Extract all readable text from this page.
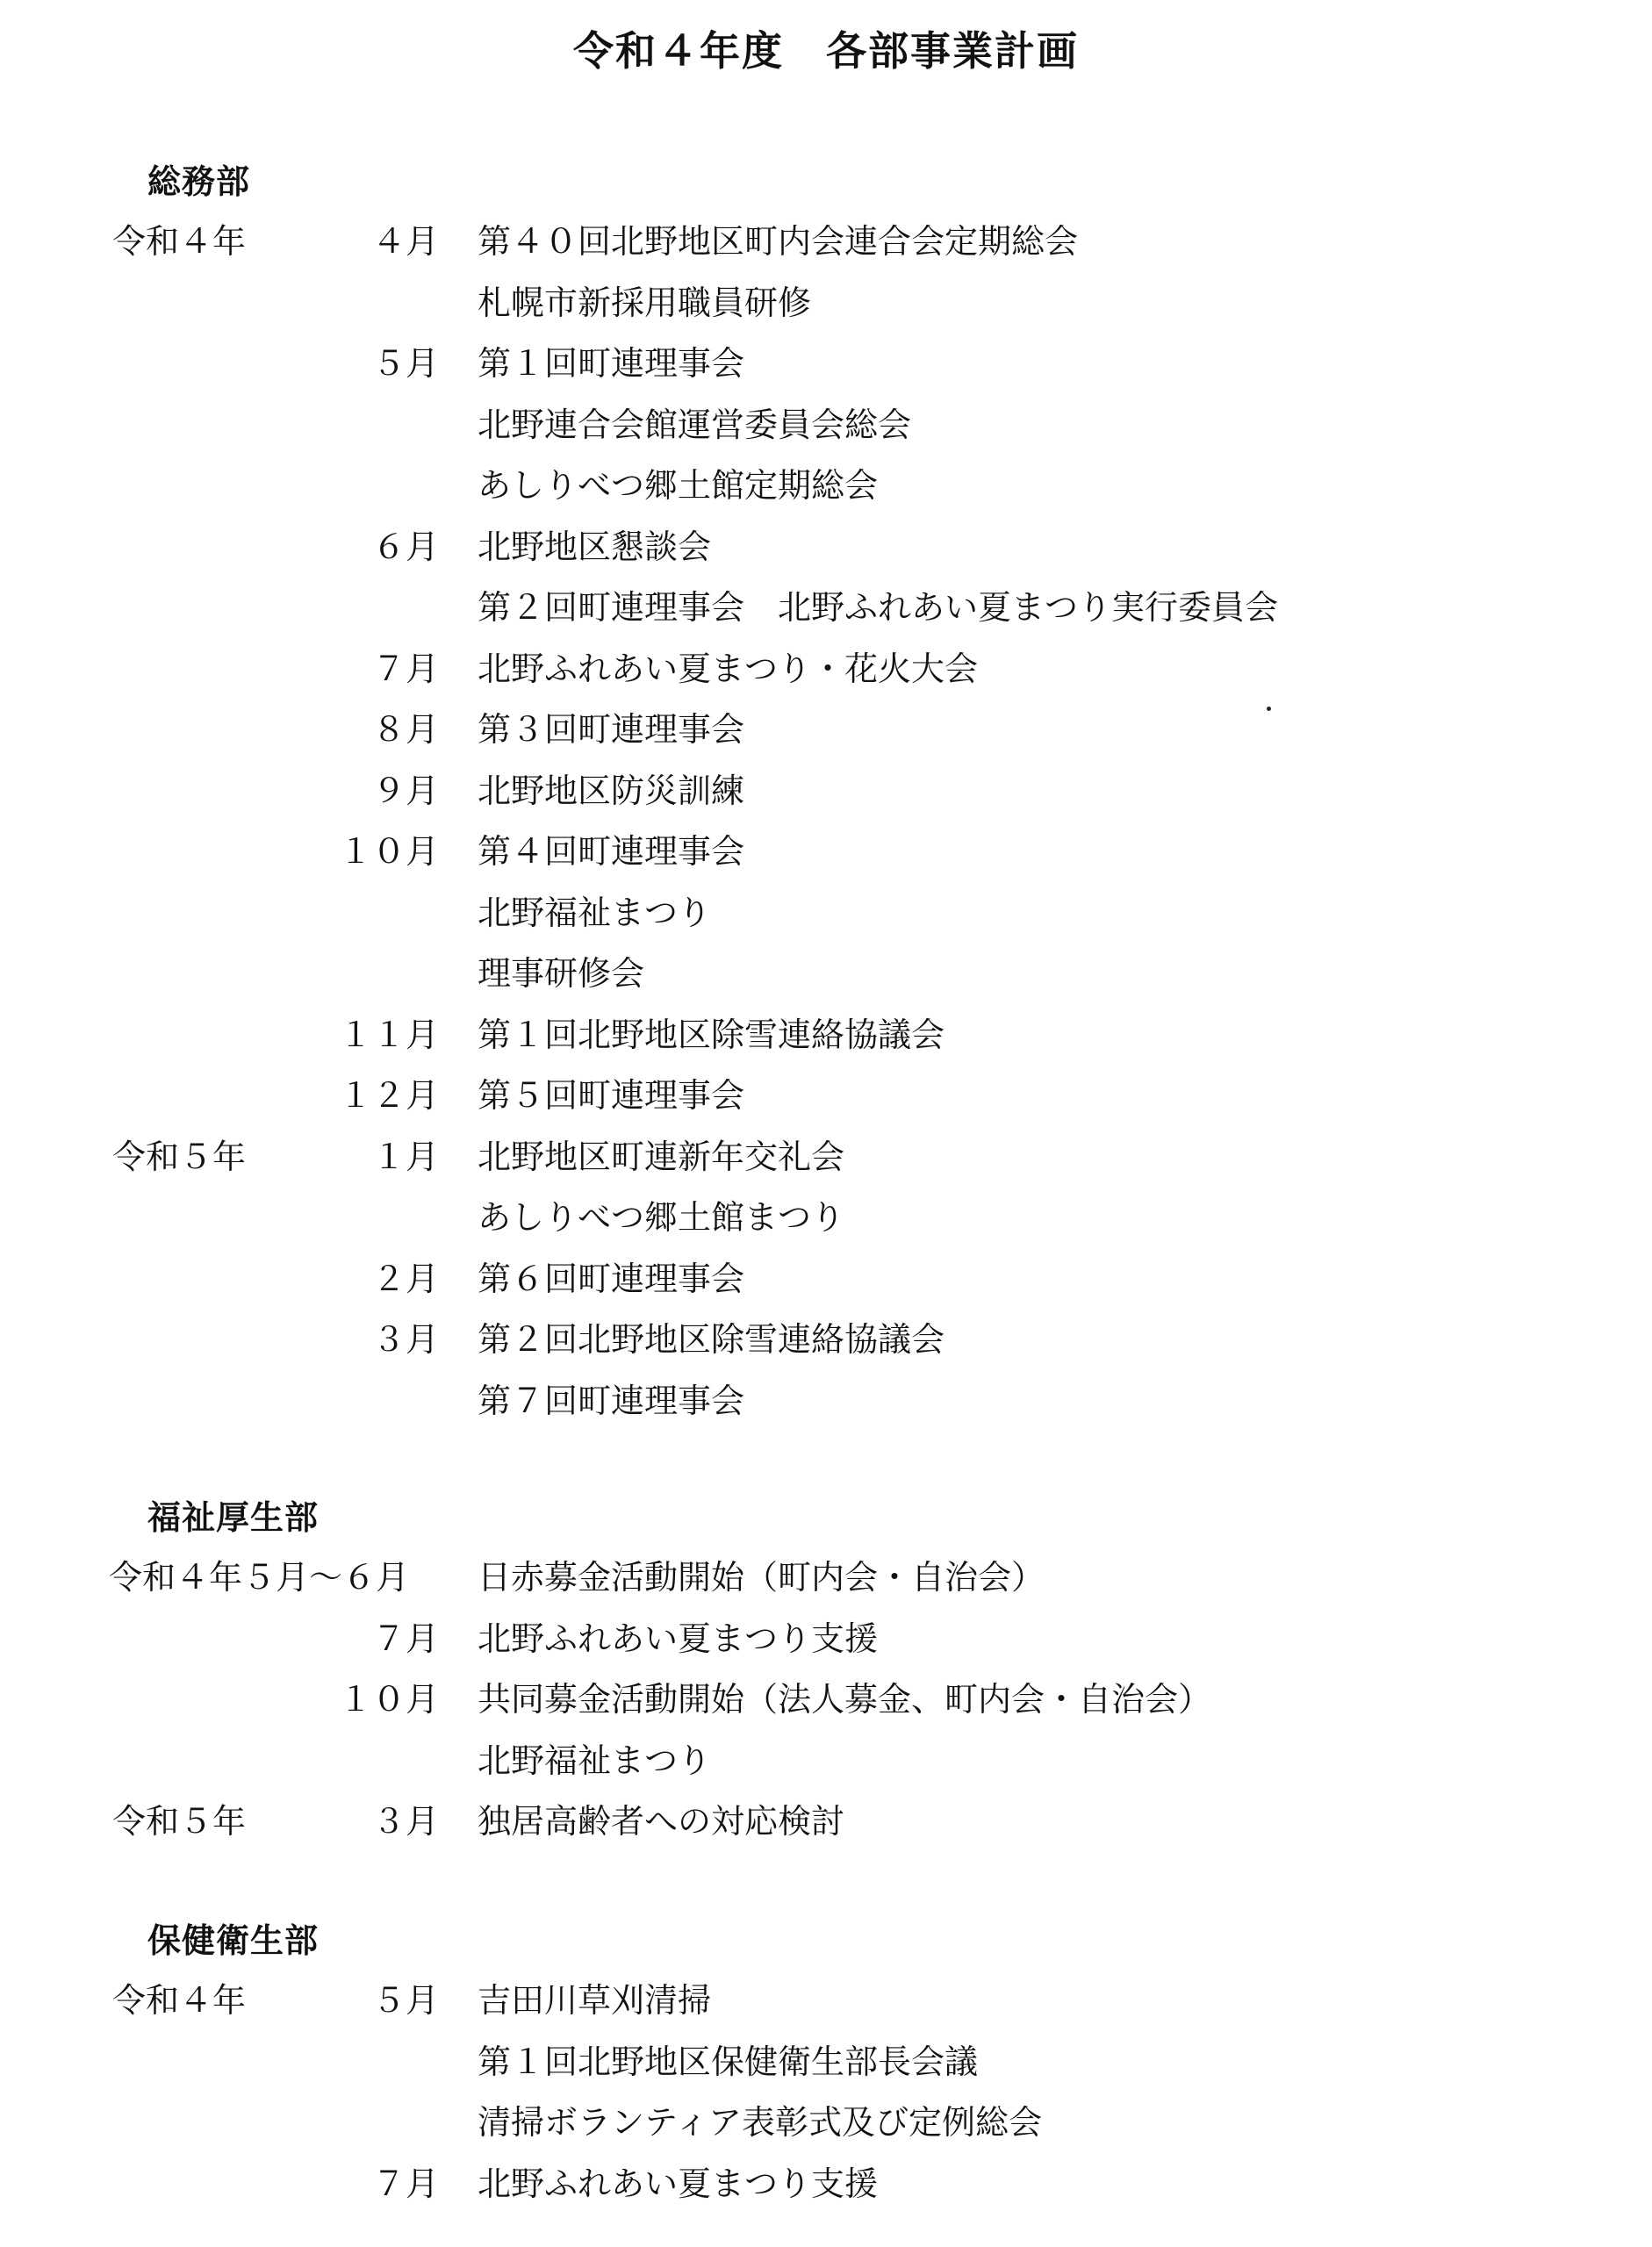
令和４年度　各部事業計画
総務部
令和４年	４月 第４０回北野地区町内会連合会定期総会
札幌市新採用職員研修
５月 第１回町連理事会
北野連合会館運営委員会総会
あしりべつ郷土館定期総会
６月 北野地区懇談会
第２回町連理事会　北野ふれあい夏まつり実行委員会
７月 北野ふれあい夏まつり・花火大会
８月 第３回町連理事会
９月 北野地区防災訓練
１０月 第４回町連理事会
北野福祉まつり
理事研修会
１１月 第１回北野地区除雪連絡協議会
１２月 第５回町連理事会
令和５年	１月 北野地区町連新年交礼会
あしりべつ郷土館まつり
２月 第６回町連理事会
３月 第２回北野地区除雪連絡協議会
第７回町連理事会
福祉厚生部
令和４年５月～６月 日赤募金活動開始（町内会・自治会）
７月 北野ふれあい夏まつり支援
１０月 共同募金活動開始（法人募金、町内会・自治会）
北野福祉まつり
令和５年	３月 独居高齢者への対応検討
保健衛生部
令和４年	５月 吉田川草刈清掃
第１回北野地区保健衛生部長会議
清掃ボランティア表彰式及び定例総会
７月 北野ふれあい夏まつり支援
